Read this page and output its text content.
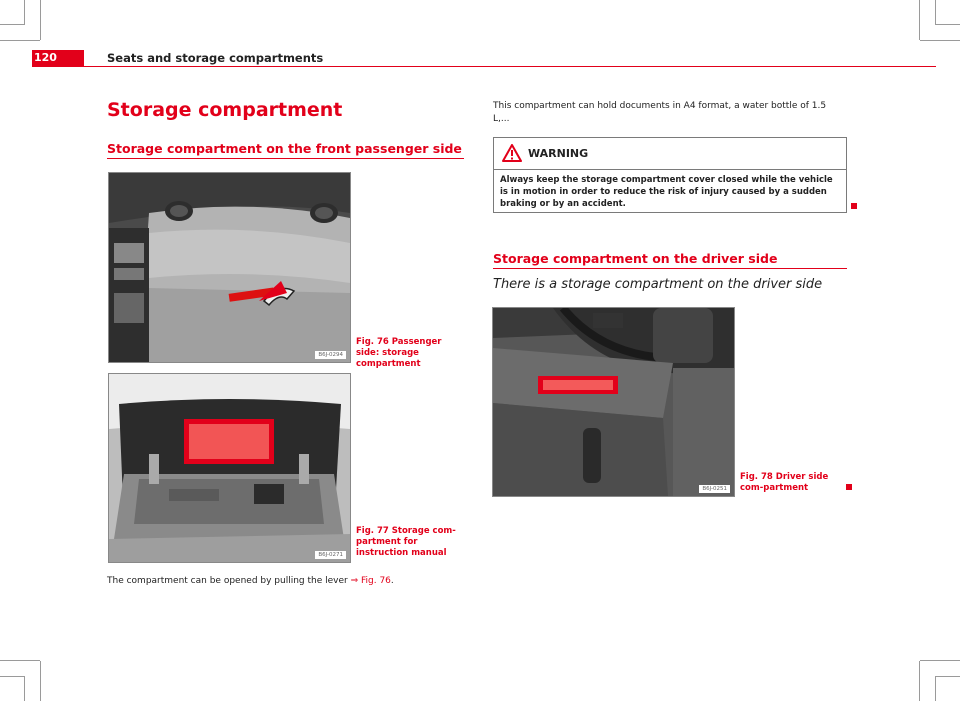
120	Seats and storage compartments
Storage compartment
Storage compartment on the front passenger side
B6J-0294
Fig. 76 Passenger side: storage compartment
B6J-0271
Fig. 77 Storage com-partment for instruction manual

The compartment can be opened by pulling the lever ⇒ Fig. 76.

This compartment can hold documents in A4 format, a water bottle of 1.5 L,...

WARNING
Always keep the storage compartment cover closed while the vehicle is in motion in order to reduce the risk of injury caused by a sudden braking or by an accident.
Storage compartment on the driver side
There is a storage compartment on the driver side
B6J-0251
Fig. 78 Driver side com-partment
